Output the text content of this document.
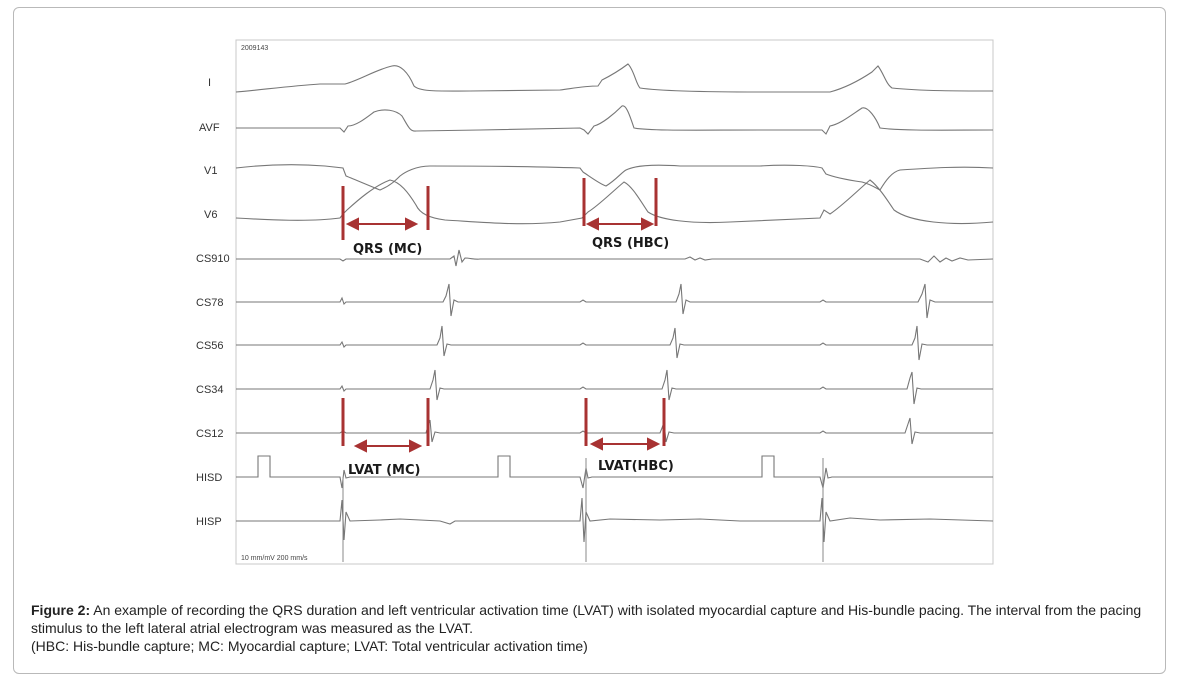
2009143
10 mm/mV 200 mm/s
I
AVF
V1
V6
CS910
CS78
CS56
CS34
CS12
HISD
HISP
QRS (MC)	QRS (HBC)
LVAT (MC)	LVAT(HBC)
Figure 2: An example of recording the QRS duration and left ventricular activation time (LVAT) with isolated myocardial capture and His-bundle pacing. The interval from the pacing stimulus to the left lateral atrial electrogram was measured as the LVAT.
(HBC: His-bundle capture; MC: Myocardial capture; LVAT: Total ventricular activation time)
